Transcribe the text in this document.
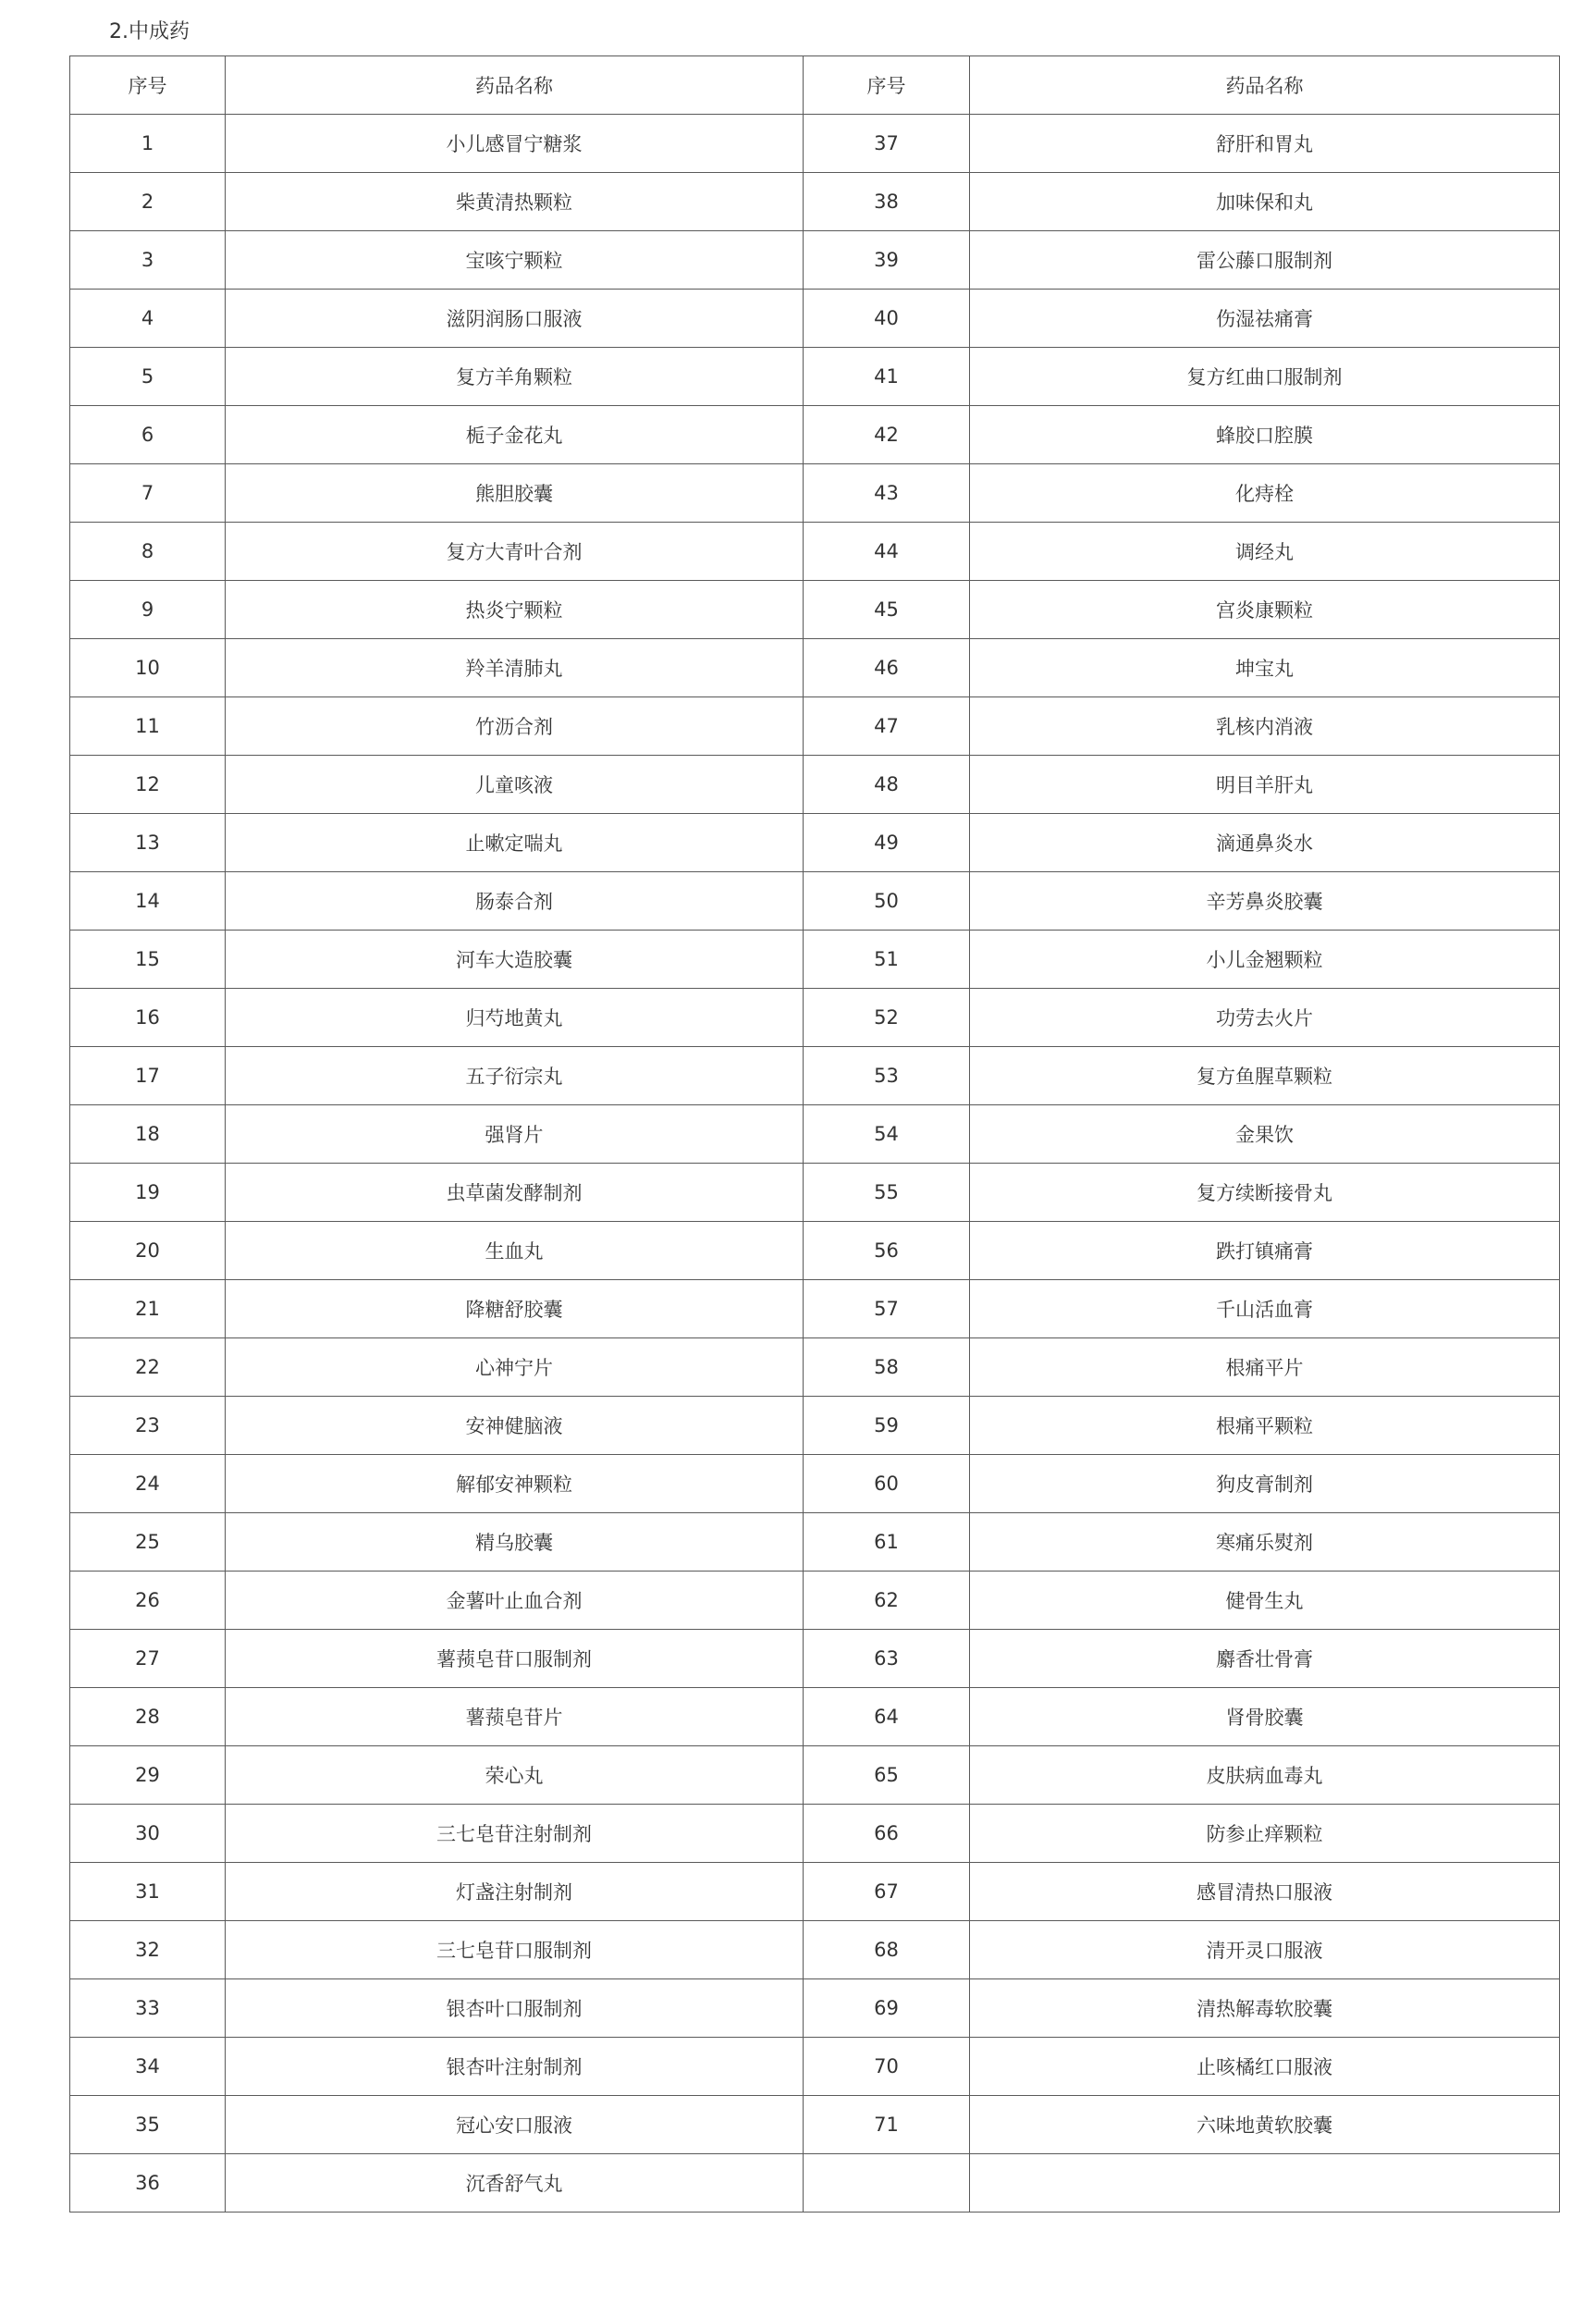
2.中成药
序号	药品名称	序号	药品名称
1	小儿感冒宁糖浆	37	舒肝和胃丸
2	柴黄清热颗粒	38	加味保和丸
3	宝咳宁颗粒	39	雷公藤口服制剂
4	滋阴润肠口服液	40	伤湿祛痛膏
5	复方羊角颗粒	41	复方红曲口服制剂
6	栀子金花丸	42	蜂胶口腔膜
7	熊胆胶囊	43	化痔栓
8	复方大青叶合剂	44	调经丸
9	热炎宁颗粒	45	宫炎康颗粒
10	羚羊清肺丸	46	坤宝丸
11	竹沥合剂	47	乳核内消液
12	儿童咳液	48	明目羊肝丸
13	止嗽定喘丸	49	滴通鼻炎水
14	肠泰合剂	50	辛芳鼻炎胶囊
15	河车大造胶囊	51	小儿金翘颗粒
16	归芍地黄丸	52	功劳去火片
17	五子衍宗丸	53	复方鱼腥草颗粒
18	强肾片	54	金果饮
19	虫草菌发酵制剂	55	复方续断接骨丸
20	生血丸	56	跌打镇痛膏
21	降糖舒胶囊	57	千山活血膏
22	心神宁片	58	根痛平片
23	安神健脑液	59	根痛平颗粒
24	解郁安神颗粒	60	狗皮膏制剂
25	精乌胶囊	61	寒痛乐熨剂
26	金薯叶止血合剂	62	健骨生丸
27	薯蓣皂苷口服制剂	63	麝香壮骨膏
28	薯蓣皂苷片	64	肾骨胶囊
29	荣心丸	65	皮肤病血毒丸
30	三七皂苷注射制剂	66	防参止痒颗粒
31	灯盏注射制剂	67	感冒清热口服液
32	三七皂苷口服制剂	68	清开灵口服液
33	银杏叶口服制剂	69	清热解毒软胶囊
34	银杏叶注射制剂	70	止咳橘红口服液
35	冠心安口服液	71	六味地黄软胶囊
36	沉香舒气丸		
